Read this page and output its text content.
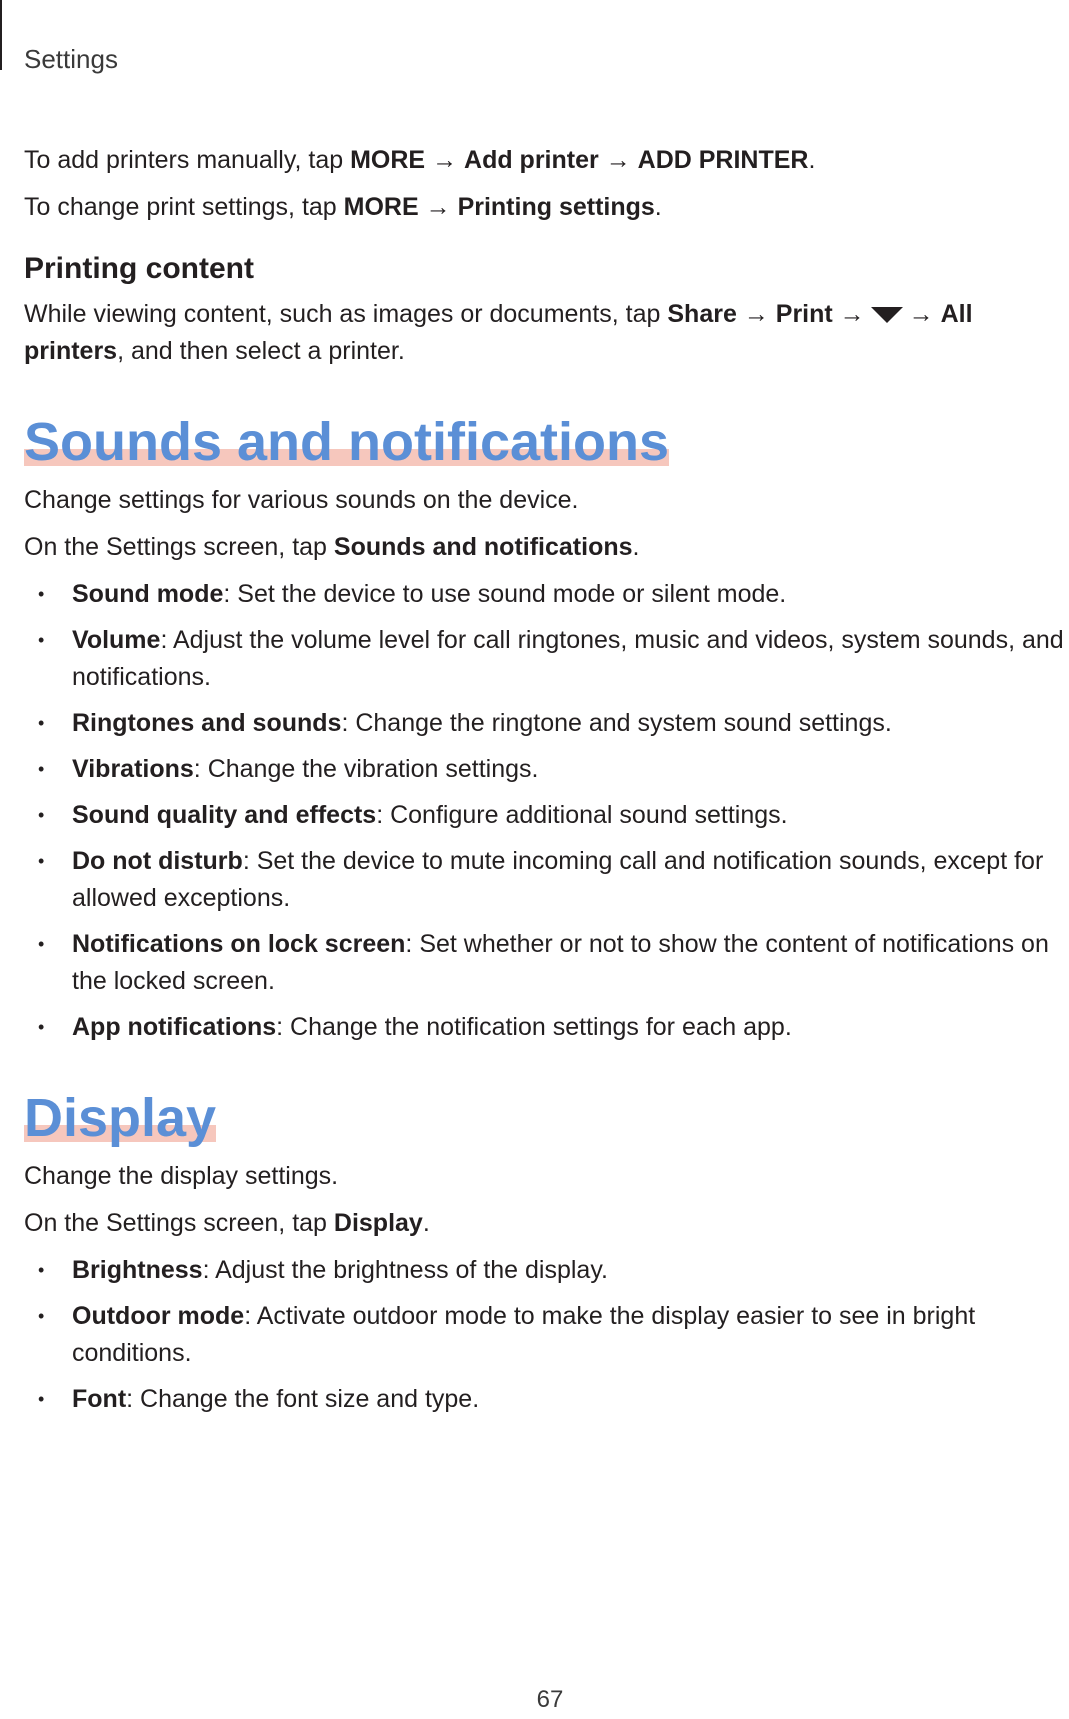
Settings

To add printers manually, tap MORE → Add printer → ADD PRINTER.

To change print settings, tap MORE → Printing settings.

Printing content

While viewing content, such as images or documents, tap Share → Print → → All printers, and then select a printer.

Sounds and notifications

Change settings for various sounds on the device.

On the Settings screen, tap Sounds and notifications.

• Sound mode: Set the device to use sound mode or silent mode.
• Volume: Adjust the volume level for call ringtones, music and videos, system sounds, and notifications.
• Ringtones and sounds: Change the ringtone and system sound settings.
• Vibrations: Change the vibration settings.
• Sound quality and effects: Configure additional sound settings.
• Do not disturb: Set the device to mute incoming call and notification sounds, except for allowed exceptions.
• Notifications on lock screen: Set whether or not to show the content of notifications on the locked screen.
• App notifications: Change the notification settings for each app.
Display

Change the display settings.

On the Settings screen, tap Display.

• Brightness: Adjust the brightness of the display.
• Outdoor mode: Activate outdoor mode to make the display easier to see in bright conditions.
• Font: Change the font size and type.
67
